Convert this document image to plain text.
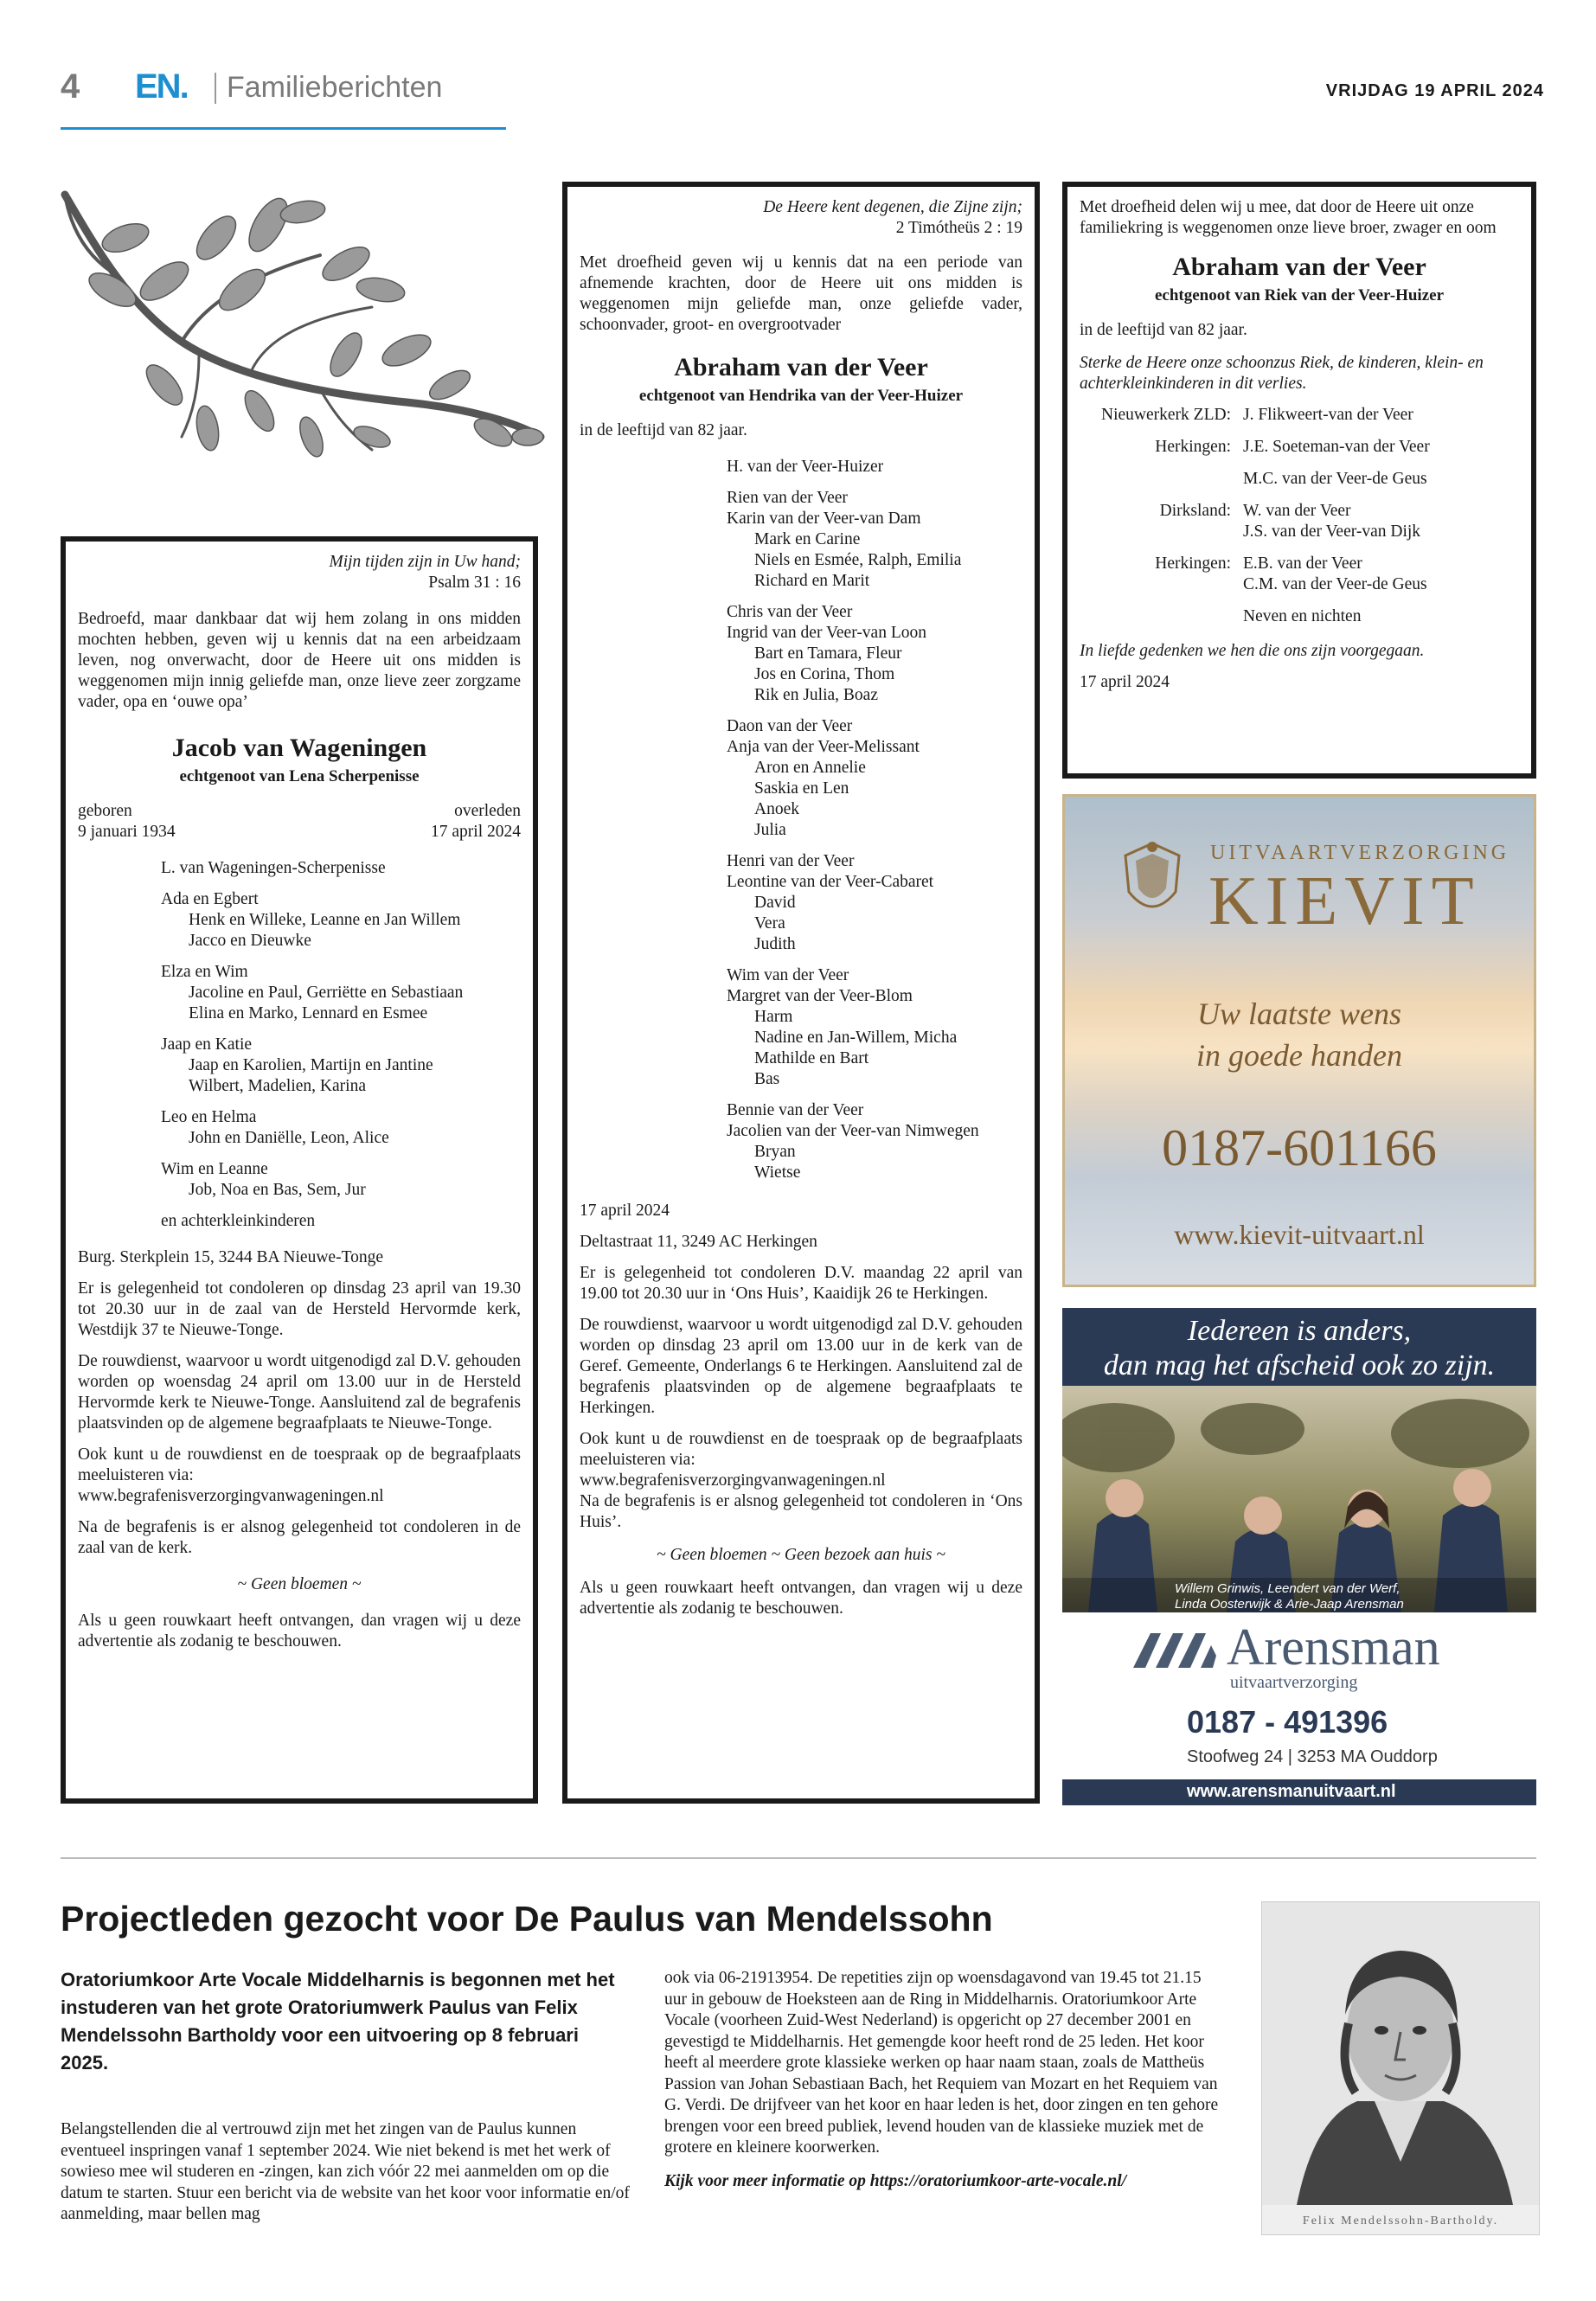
4 EN. Familieberichten	VRIJDAG 19 APRIL 2024
Mijn tijden zijn in Uw hand;
Psalm 31 : 16

Bedroefd, maar dankbaar dat wij hem zolang in ons midden mochten hebben, geven wij u kennis dat na een arbeidzaam leven, nog onverwacht, door de Heere uit ons midden is weggenomen mijn innig geliefde man, onze lieve zeer zorgzame vader, opa en ‘ouwe opa’

Jacob van Wageningen
echtgenoot van Lena Scherpenisse
geboren
9 januari 1934
overleden
17 april 2024
L. van Wageningen-Scherpenisse
Ada en Egbert
Henk en Willeke, Leanne en Jan Willem
Jacco en Dieuwke
Elza en Wim
Jacoline en Paul, Gerriëtte en Sebastiaan
Elina en Marko, Lennard en Esmee
Jaap en Katie
Jaap en Karolien, Martijn en Jantine
Wilbert, Madelien, Karina
Leo en Helma
John en Daniëlle, Leon, Alice
Wim en Leanne
Job, Noa en Bas, Sem, Jur
en achterkleinkinderen

Burg. Sterkplein 15, 3244 BA Nieuwe-Tonge

Er is gelegenheid tot condoleren op dinsdag 23 april van 19.30 tot 20.30 uur in de zaal van de Hersteld Hervormde kerk, Westdijk 37 te Nieuwe-Tonge.

De rouwdienst, waarvoor u wordt uitgenodigd zal D.V. gehouden worden op woensdag 24 april om 13.00 uur in de Hersteld Hervormde kerk te Nieuwe-Tonge. Aansluitend zal de begrafenis plaatsvinden op de algemene begraafplaats te Nieuwe-Tonge.

Ook kunt u de rouwdienst en de toespraak op de begraafplaats meeluisteren via:
www.begrafenisverzorgingvanwageningen.nl

Na de begrafenis is er alsnog gelegenheid tot condoleren in de zaal van de kerk.

~ Geen bloemen ~

Als u geen rouwkaart heeft ontvangen, dan vragen wij u deze advertentie als zodanig te beschouwen.

De Heere kent degenen, die Zijne zijn;
2 Timótheüs 2 : 19

Met droefheid geven wij u kennis dat na een periode van afnemende krachten, door de Heere uit ons midden is weggenomen mijn geliefde man, onze geliefde vader, schoonvader, groot- en overgrootvader

Abraham van der Veer
echtgenoot van Hendrika van der Veer-Huizer
in de leeftijd van 82 jaar.
H. van der Veer-Huizer
Rien van der Veer
Karin van der Veer-van Dam
Mark en Carine
Niels en Esmée, Ralph, Emilia
Richard en Marit
Chris van der Veer
Ingrid van der Veer-van Loon
Bart en Tamara, Fleur
Jos en Corina, Thom
Rik en Julia, Boaz
Daon van der Veer
Anja van der Veer-Melissant
Aron en Annelie
Saskia en Len
Anoek
Julia
Henri van der Veer
Leontine van der Veer-Cabaret
David
Vera
Judith
Wim van der Veer
Margret van der Veer-Blom
Harm
Nadine en Jan-Willem, Micha
Mathilde en Bart
Bas
Bennie van der Veer
Jacolien van der Veer-van Nimwegen
Bryan
Wietse

17 april 2024

Deltastraat 11, 3249 AC Herkingen

Er is gelegenheid tot condoleren D.V. maandag 22 april van 19.00 tot 20.30 uur in ‘Ons Huis’, Kaaidijk 26 te Herkingen.

De rouwdienst, waarvoor u wordt uitgenodigd zal D.V. gehouden worden op dinsdag 23 april om 13.00 uur in de kerk van de Geref. Gemeente, Onderlangs 6 te Herkingen. Aansluitend zal de begrafenis plaatsvinden op de algemene begraafplaats te Herkingen.

Ook kunt u de rouwdienst en de toespraak op de begraafplaats meeluisteren via:
www.begrafenisverzorgingvanwageningen.nl

Na de begrafenis is er alsnog gelegenheid tot condoleren in ‘Ons Huis’.

~ Geen bloemen ~ Geen bezoek aan huis ~

Als u geen rouwkaart heeft ontvangen, dan vragen wij u deze advertentie als zodanig te beschouwen.

Met droefheid delen wij u mee, dat door de Heere uit onze familiekring is weggenomen onze lieve broer, zwager en oom

Abraham van der Veer
echtgenoot van Riek van der Veer-Huizer
in de leeftijd van 82 jaar.

Sterke de Heere onze schoonzus Riek, de kinderen, klein- en achterkleinkinderen in dit verlies.

Nieuwerkerk ZLD: J. Flikweert-van der Veer
Herkingen: J.E. Soeteman-van der Veer
M.C. van der Veer-de Geus
Dirksland: W. van der Veer
J.S. van der Veer-van Dijk
Herkingen: E.B. van der Veer
C.M. van der Veer-de Geus
Neven en nichten

In liefde gedenken we hen die ons zijn voorgegaan.

17 april 2024

UITVAARTVERZORGING
KIEVIT
Uw laatste wens
in goede handen
0187-601166
www.kievit-uitvaart.nl
Iedereen is anders,
dan mag het afscheid ook zo zijn.
Willem Grinwis, Leendert van der Werf,
Linda Oosterwijk & Arie-Jaap Arensman
Arensman
uitvaartverzorging
0187 - 491396
Stoofweg 24 | 3253 MA Ouddorp
www.arensmanuitvaart.nl
Projectleden gezocht voor De Paulus van Mendelssohn
Oratoriumkoor Arte Vocale Middelharnis is begonnen met het instuderen van het grote Oratoriumwerk Paulus van Felix Mendelssohn Bartholdy voor een uitvoering op 8 februari 2025.
Belangstellenden die al vertrouwd zijn met het zingen van de Paulus kunnen eventueel inspringen vanaf 1 september 2024. Wie niet bekend is met het werk of sowieso mee wil studeren en -zingen, kan zich vóór 22 mei aanmelden om op die datum te starten. Stuur een bericht via de website van het koor voor informatie en/of aanmelding, maar bellen mag
ook via 06-21913954. De repetities zijn op woensdagavond van 19.45 tot 21.15 uur in gebouw de Hoeksteen aan de Ring in Middelharnis. Oratoriumkoor Arte Vocale (voorheen Zuid-West Nederland) is opgericht op 27 december 2001 en gevestigd te Middelharnis. Het gemengde koor heeft rond de 25 leden. Het koor heeft al meerdere grote klassieke werken op haar naam staan, zoals de Mattheüs Passion van Johan Sebastiaan Bach, het Requiem van Mozart en het Requiem van G. Verdi. De drijfveer van het koor en haar leden is het, door zingen en ten gehore brengen voor een breed publiek, levend houden van de klassieke muziek met de grotere en kleinere koorwerken.
Kijk voor meer informatie op https://oratoriumkoor-arte-vocale.nl/
Felix Mendelssohn-Bartholdy.
